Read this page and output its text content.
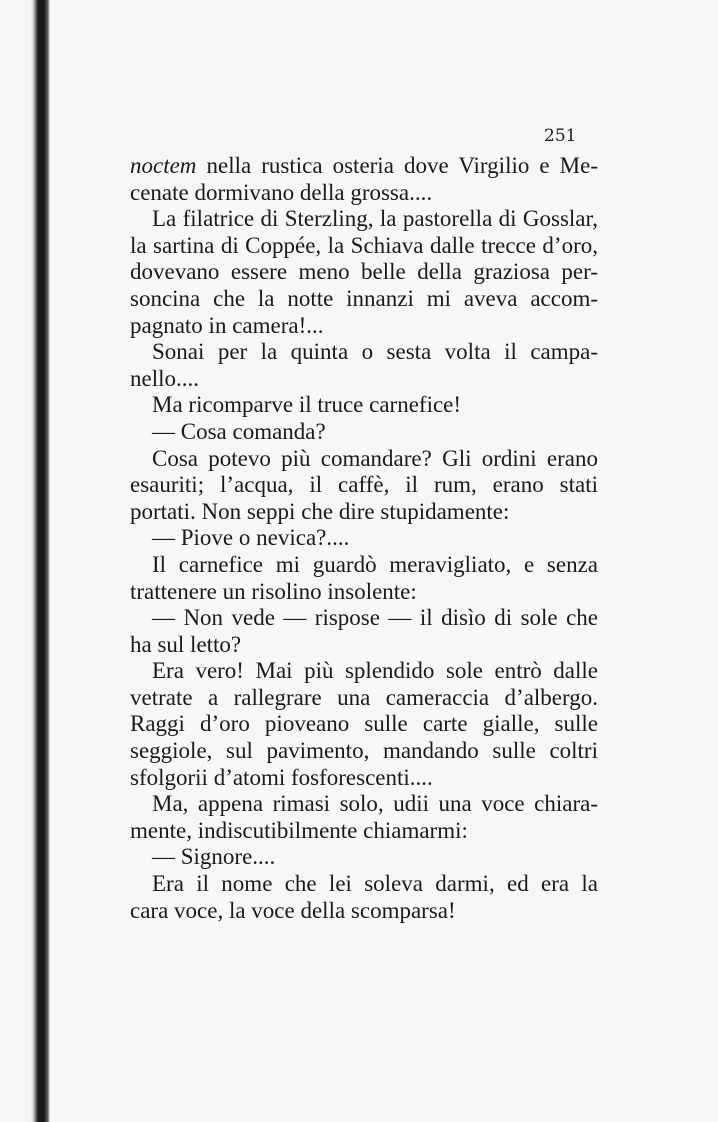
251
noctem nella rustica osteria dove Virgilio e Me-
cenate dormivano della grossa....
La filatrice di Sterzling, la pastorella di Gosslar,
la sartina di Coppée, la Schiava dalle trecce d’oro,
dovevano essere meno belle della graziosa per-
soncina che la notte innanzi mi aveva accom-
pagnato in camera!...
Sonai per la quinta o sesta volta il campa-
nello....
Ma ricomparve il truce carnefice!
— Cosa comanda?
Cosa potevo più comandare? Gli ordini erano
esauriti; l’acqua, il caffè, il rum, erano stati
portati. Non seppi che dire stupidamente:
— Piove o nevica?....
Il carnefice mi guardò meravigliato, e senza
trattenere un risolino insolente:
— Non vede — rispose — il disìo di sole che
ha sul letto?
Era vero! Mai più splendido sole entrò dalle
vetrate a rallegrare una cameraccia d’albergo.
Raggi d’oro pioveano sulle carte gialle, sulle
seggiole, sul pavimento, mandando sulle coltri
sfolgorii d’atomi fosforescenti....
Ma, appena rimasi solo, udii una voce chiara-
mente, indiscutibilmente chiamarmi:
— Signore....
Era il nome che lei soleva darmi, ed era la
cara voce, la voce della scomparsa!
